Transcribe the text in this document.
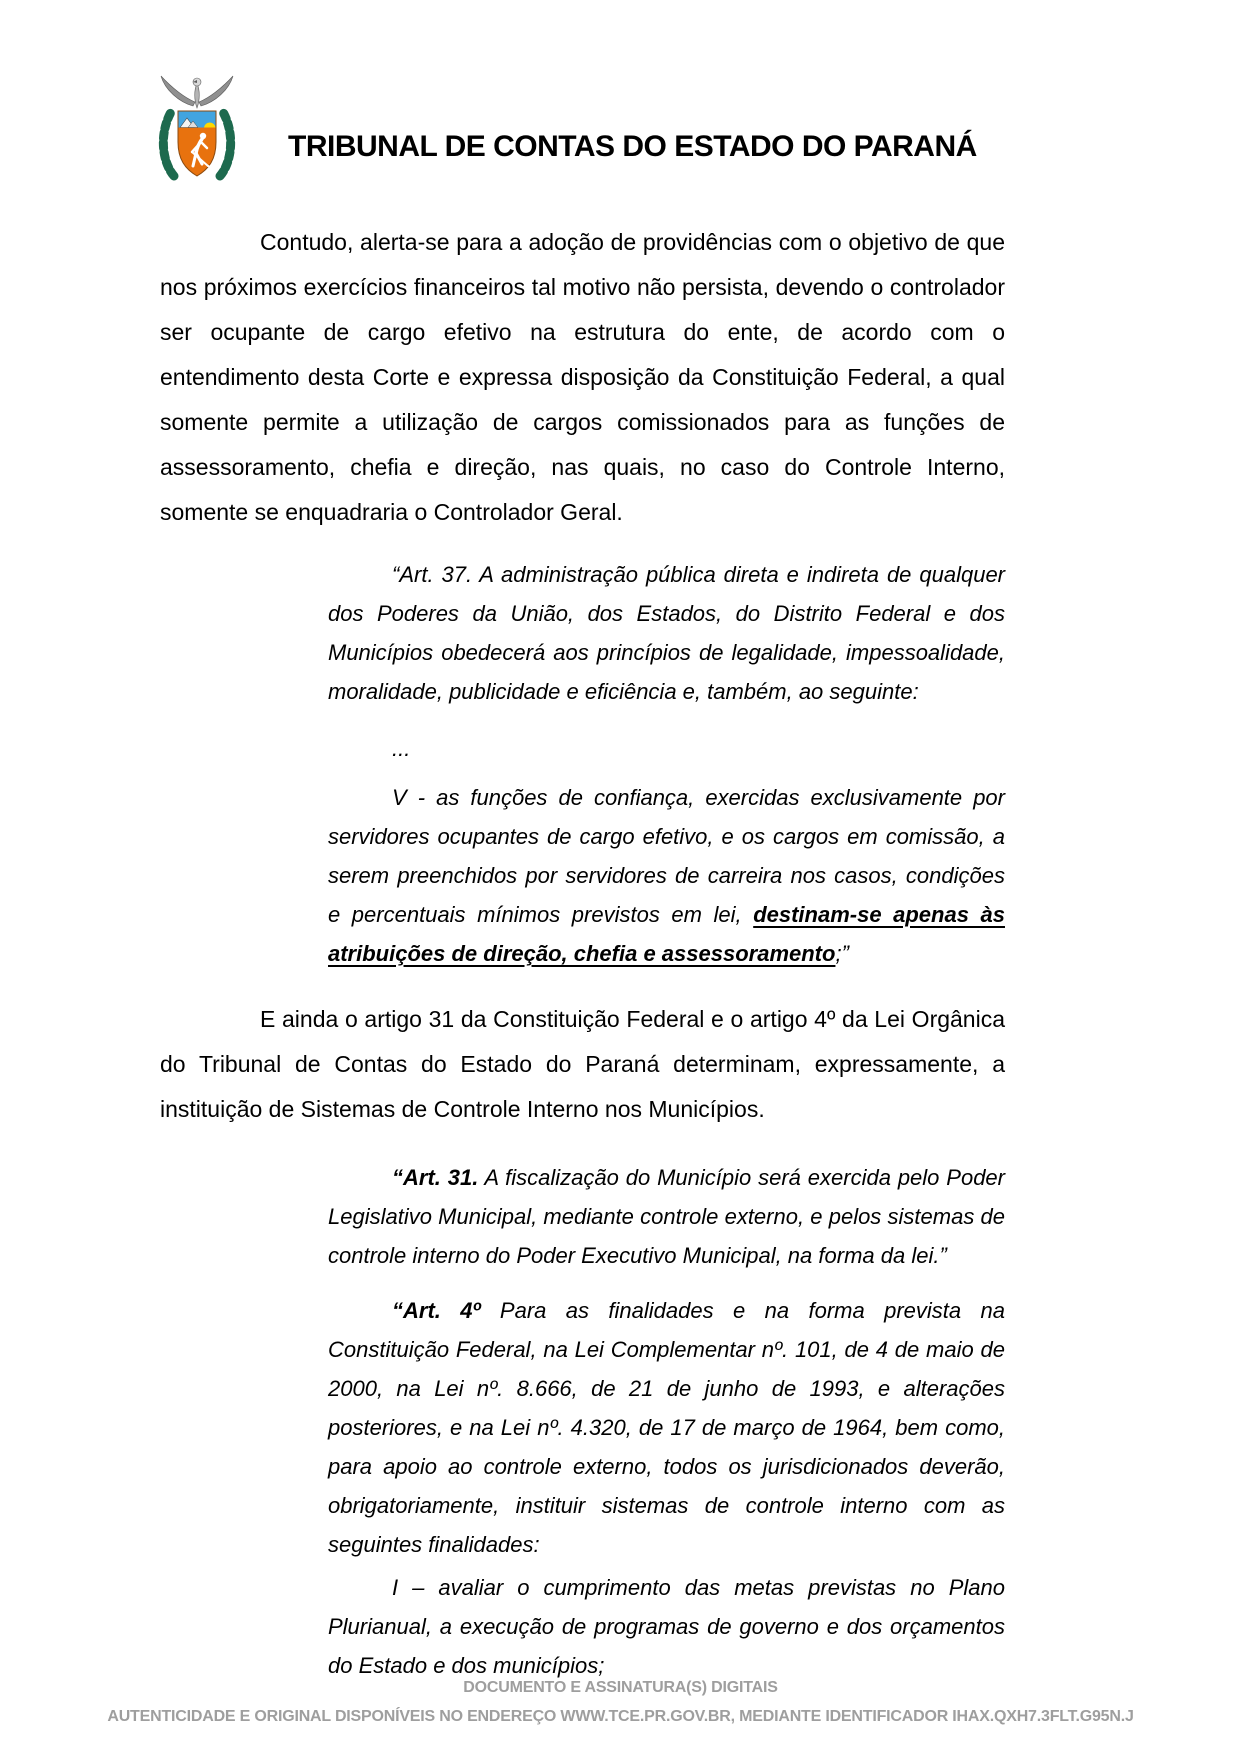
TRIBUNAL DE CONTAS DO ESTADO DO PARANÁ

Contudo, alerta-se para a adoção de providências com o objetivo de que nos próximos exercícios financeiros tal motivo não persista, devendo o controlador ser ocupante de cargo efetivo na estrutura do ente, de acordo com o entendimento desta Corte e expressa disposição da Constituição Federal, a qual somente permite a utilização de cargos comissionados para as funções de assessoramento, chefia e direção, nas quais, no caso do Controle Interno, somente se enquadraria o Controlador Geral.

“Art. 37. A administração pública direta e indireta de qualquer dos Poderes da União, dos Estados, do Distrito Federal e dos Municípios obedecerá aos princípios de legalidade, impessoalidade, moralidade, publicidade e eficiência e, também, ao seguinte:

...

V - as funções de confiança, exercidas exclusivamente por servidores ocupantes de cargo efetivo, e os cargos em comissão, a serem preenchidos por servidores de carreira nos casos, condições e percentuais mínimos previstos em lei, destinam-se apenas às atribuições de direção, chefia e assessoramento;”

E ainda o artigo 31 da Constituição Federal e o artigo 4º da Lei Orgânica do Tribunal de Contas do Estado do Paraná determinam, expressamente, a instituição de Sistemas de Controle Interno nos Municípios.

“Art. 31. A fiscalização do Município será exercida pelo Poder Legislativo Municipal, mediante controle externo, e pelos sistemas de controle interno do Poder Executivo Municipal, na forma da lei.”

“Art. 4º Para as finalidades e na forma prevista na Constituição Federal, na Lei Complementar nº. 101, de 4 de maio de 2000, na Lei nº. 8.666, de 21 de junho de 1993, e alterações posteriores, e na Lei nº. 4.320, de 17 de março de 1964, bem como, para apoio ao controle externo, todos os jurisdicionados deverão, obrigatoriamente, instituir sistemas de controle interno com as seguintes finalidades:

I – avaliar o cumprimento das metas previstas no Plano Plurianual, a execução de programas de governo e dos orçamentos do Estado e dos municípios;

DOCUMENTO E ASSINATURA(S) DIGITAIS
AUTENTICIDADE E ORIGINAL DISPONÍVEIS NO ENDEREÇO WWW.TCE.PR.GOV.BR, MEDIANTE IDENTIFICADOR IHAX.QXH7.3FLT.G95N.J
